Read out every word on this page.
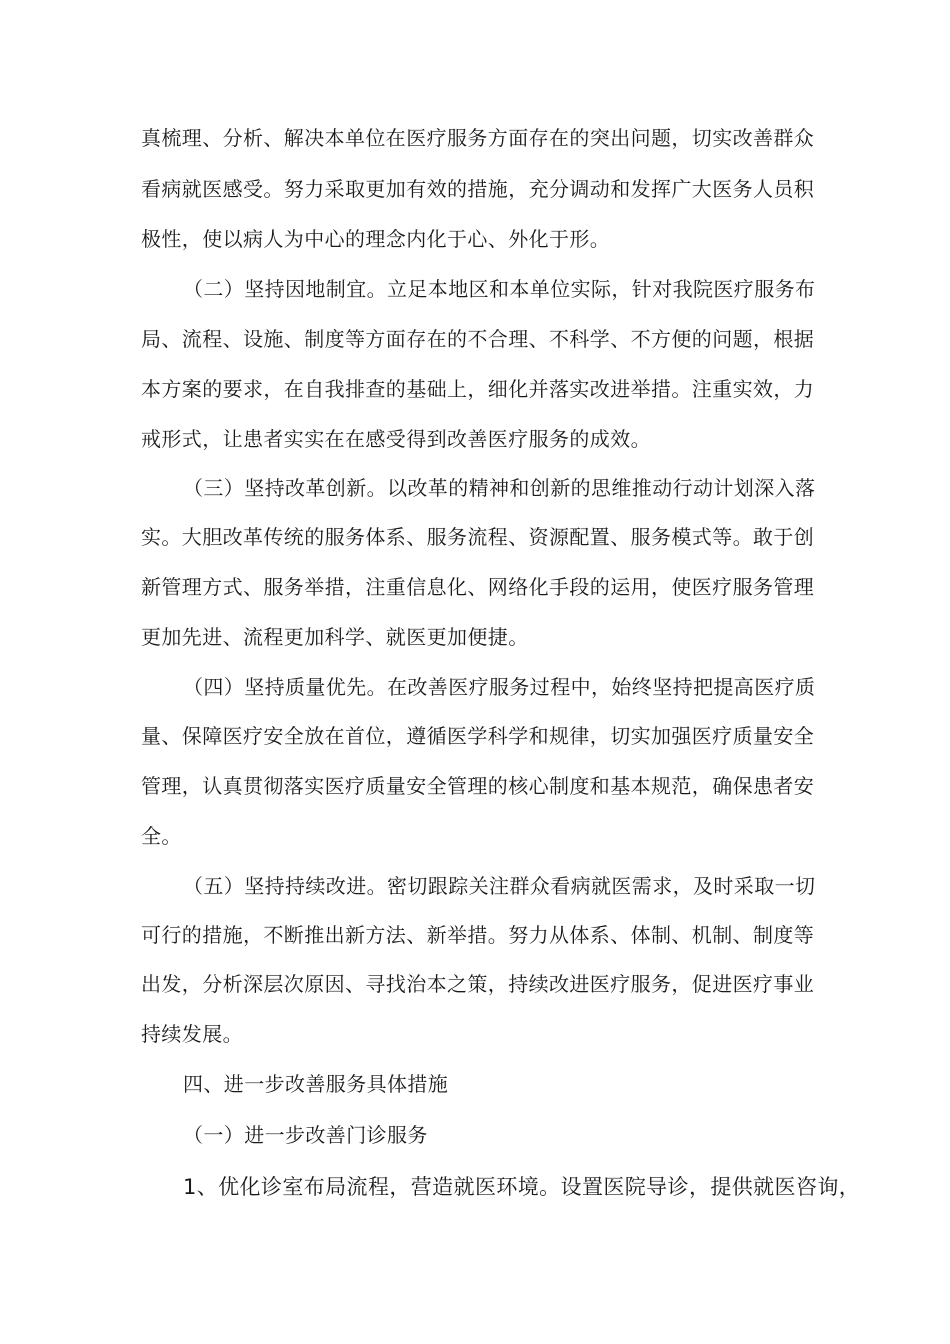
真梳理、分析、解决本单位在医疗服务方面存在的突出问题，切实改善群众
看病就医感受。努力采取更加有效的措施，充分调动和发挥广大医务人员积
极性，使以病人为中心的理念内化于心、外化于形。
（二）坚持因地制宜。立足本地区和本单位实际，针对我院医疗服务布
局、流程、设施、制度等方面存在的不合理、不科学、不方便的问题，根据
本方案的要求，在自我排查的基础上，细化并落实改进举措。注重实效，力
戒形式，让患者实实在在感受得到改善医疗服务的成效。
（三）坚持改革创新。以改革的精神和创新的思维推动行动计划深入落
实。大胆改革传统的服务体系、服务流程、资源配置、服务模式等。敢于创
新管理方式、服务举措，注重信息化、网络化手段的运用，使医疗服务管理
更加先进、流程更加科学、就医更加便捷。
（四）坚持质量优先。在改善医疗服务过程中，始终坚持把提高医疗质
量、保障医疗安全放在首位，遵循医学科学和规律，切实加强医疗质量安全
管理，认真贯彻落实医疗质量安全管理的核心制度和基本规范，确保患者安
全。
（五）坚持持续改进。密切跟踪关注群众看病就医需求，及时采取一切
可行的措施，不断推出新方法、新举措。努力从体系、体制、机制、制度等
出发，分析深层次原因、寻找治本之策，持续改进医疗服务，促进医疗事业
持续发展。
四、进一步改善服务具体措施
（一）进一步改善门诊服务
1、优化诊室布局流程，营造就医环境。设置医院导诊，提供就医咨询，
